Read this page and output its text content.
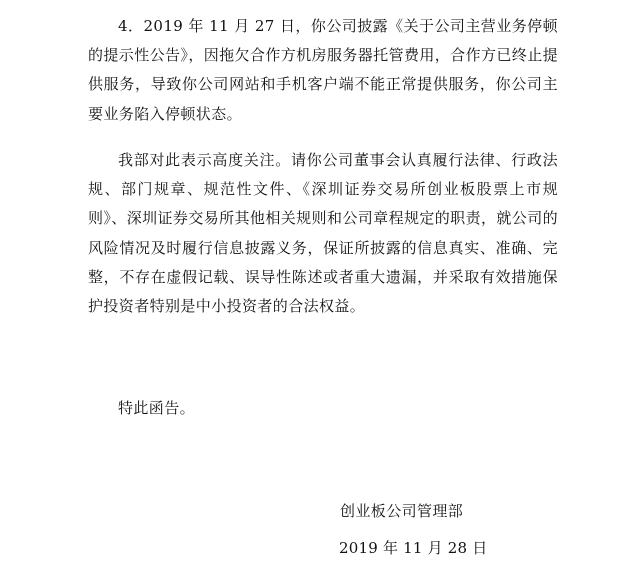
4．2019 年 11 月 27 日，你公司披露《关于公司主营业务停顿的提示性公告》，因拖欠合作方机房服务器托管费用，合作方已终止提供服务，导致你公司网站和手机客户端不能正常提供服务，你公司主要业务陷入停顿状态。

我部对此表示高度关注。请你公司董事会认真履行法律、行政法规、部门规章、规范性文件、《深圳证券交易所创业板股票上市规则》、深圳证券交易所其他相关规则和公司章程规定的职责，就公司的风险情况及时履行信息披露义务，保证所披露的信息真实、准确、完整，不存在虚假记载、误导性陈述或者重大遗漏，并采取有效措施保护投资者特别是中小投资者的合法权益。

特此函告。
创业板公司管理部
2019 年 11 月 28 日
